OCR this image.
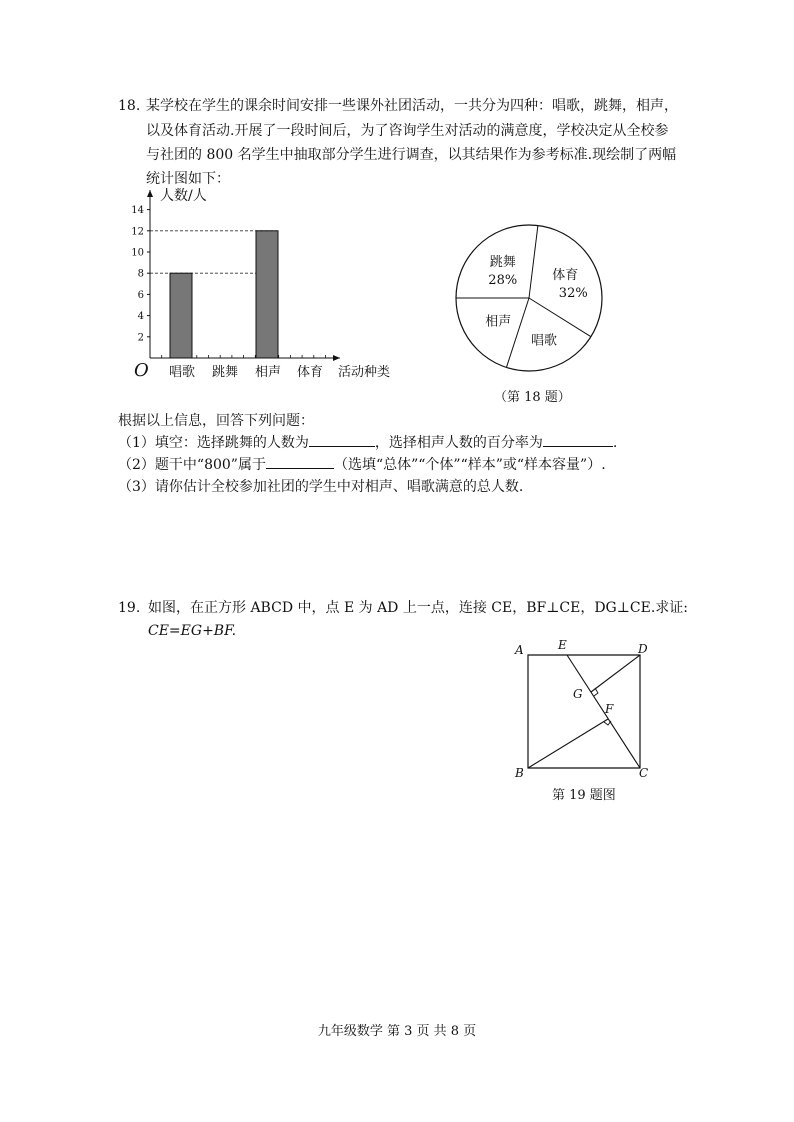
18. 某学校在学生的课余时间安排一些课外社团活动，一共分为四种：唱歌，跳舞，相声，
以及体育活动.开展了一段时间后，为了咨询学生对活动的满意度，学校决定从全校参
与社团的 800 名学生中抽取部分学生进行调查，以其结果作为参考标准.现绘制了两幅
统计图如下：
2
4
6
8
10
12
14
唱歌 跳舞 相声 体育
人数/人
活动种类
O
跳舞
28%	体育
32%
唱歌
相声
（第 18 题）
根据以上信息，回答下列问题：
（1）填空：选择跳舞的人数为	，选择相声人数的百分率为	.
（2）题干中“800”属于	（选填“总体”“个体”“样本”或“样本容量”）.
（3）请你估计全校参加社团的学生中对相声、唱歌满意的总人数.
19. 如图，在正方形 ABCD 中，点 E 为 AD 上一点，连接 CE，BF⊥CE，DG⊥CE.求证:
CE=EG+BF.
A	E	D
G
F
B	C
第 19 题图
九年级数学 第 3 页 共 8 页
